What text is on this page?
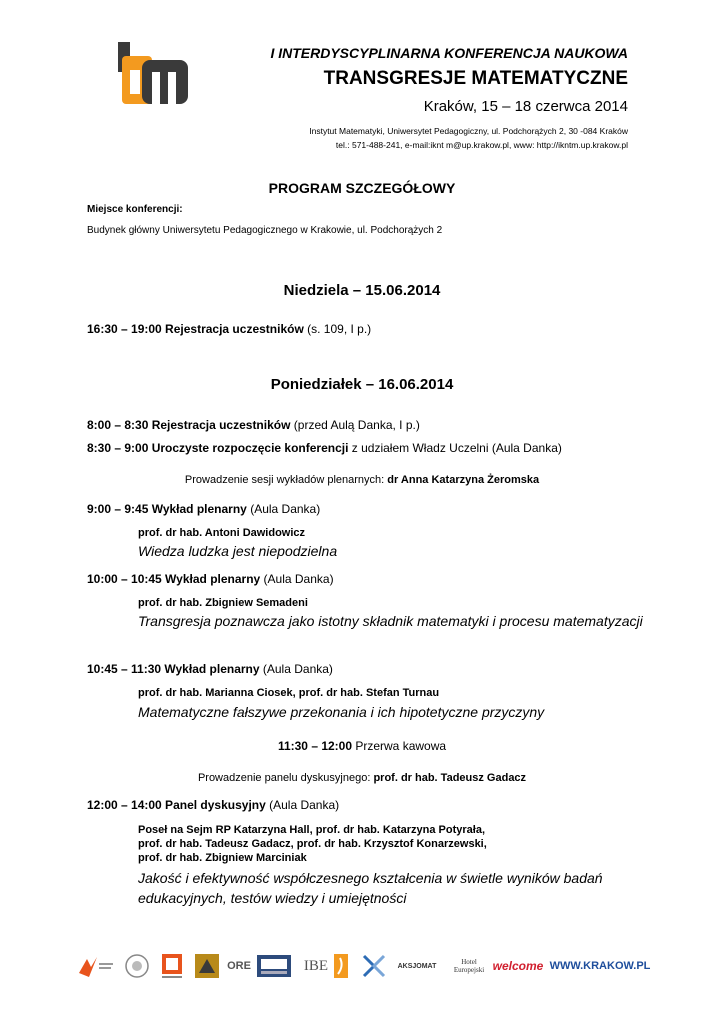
I INTERDYSCYPLINARNA KONFERENCJA NAUKOWA
TRANSGRESJE MATEMATYCZNE
Kraków, 15 – 18 czerwca 2014
Instytut Matematyki, Uniwersytet Pedagogiczny, ul. Podchorążych 2, 30 -084 Kraków
tel.: 571-488-241, e-mail:iknt m@up.krakow.pl, www: http://ikntm.up.krakow.pl
PROGRAM SZCZEGÓŁOWY
Miejsce konferencji:
Budynek główny Uniwersytetu Pedagogicznego w Krakowie, ul. Podchorążych 2
Niedziela – 15.06.2014
16:30 – 19:00 Rejestracja uczestników (s. 109, I p.)
Poniedziałek – 16.06.2014
8:00 – 8:30 Rejestracja uczestników (przed Aulą Danka, I p.)
8:30 – 9:00 Uroczyste rozpoczęcie konferencji z udziałem Władz Uczelni (Aula Danka)
Prowadzenie sesji wykładów plenarnych: dr Anna Katarzyna Żeromska
9:00 – 9:45 Wykład plenarny (Aula Danka)
prof. dr hab. Antoni Dawidowicz
Wiedza ludzka jest niepodzielna
10:00 – 10:45 Wykład plenarny (Aula Danka)
prof. dr hab. Zbigniew Semadeni
Transgresja poznawcza jako istotny składnik matematyki i procesu matematyzacji
10:45 – 11:30 Wykład plenarny (Aula Danka)
prof. dr hab. Marianna Ciosek, prof. dr hab. Stefan Turnau
Matematyczne fałszywe przekonania i ich hipotetyczne przyczyny
11:30 – 12:00 Przerwa kawowa
Prowadzenie panelu dyskusyjnego: prof. dr hab. Tadeusz Gadacz
12:00 – 14:00 Panel dyskusyjny (Aula Danka)
Poseł na Sejm RP Katarzyna Hall, prof. dr hab. Katarzyna Potyrała,
prof. dr hab. Tadeusz Gadacz, prof. dr hab. Krzysztof Konarzewski,
prof. dr hab. Zbigniew Marciniak
Jakość i efektywność współczesnego kształcenia w świetle wyników badań edukacyjnych, testów wiedzy i umiejętności
ORE	IBE	AKSJOMAT	Hotel Europejski welcome WWW.KRAKOW.PL
